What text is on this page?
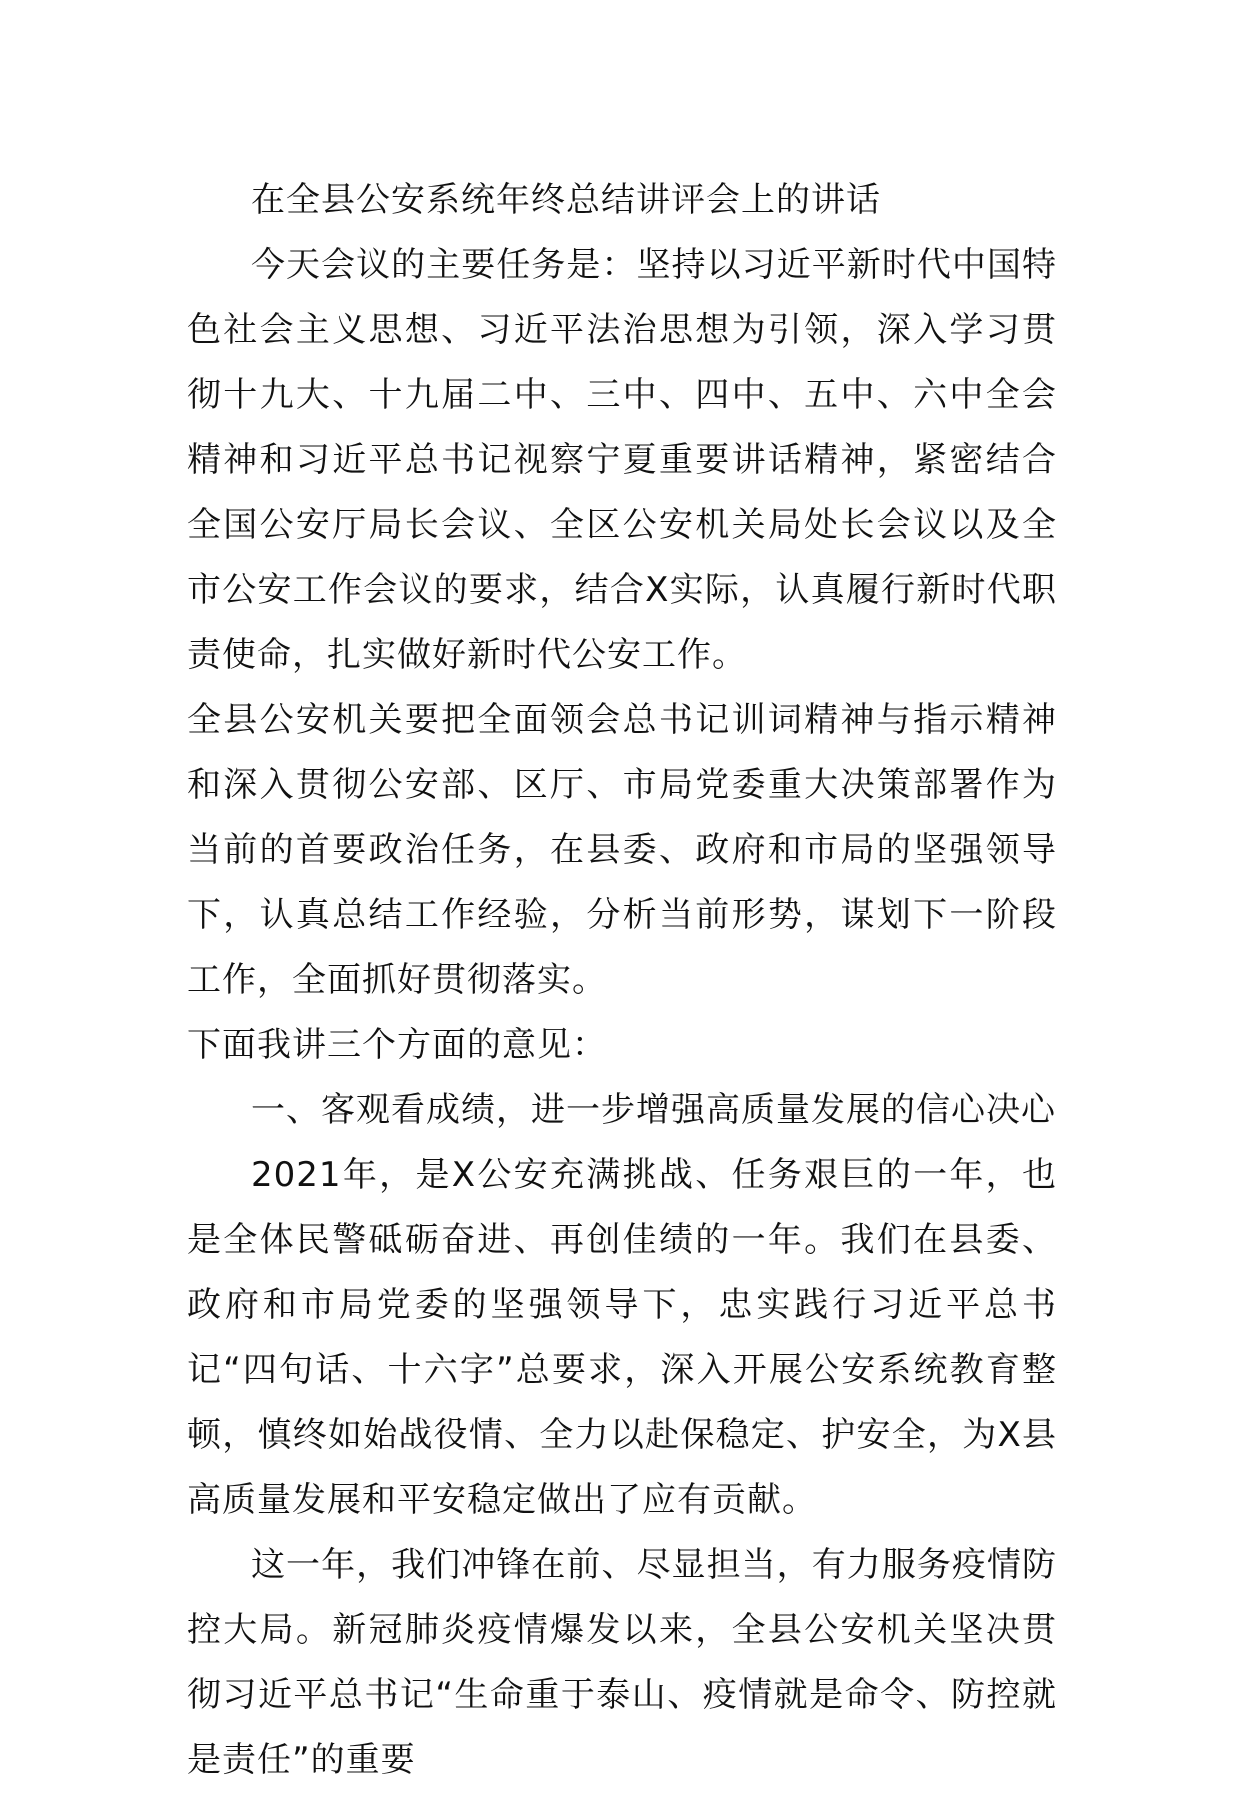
在全县公安系统年终总结讲评会上的讲话

今天会议的主要任务是：坚持以习近平新时代中国特色社会主义思想、习近平法治思想为引领，深入学习贯彻十九大、十九届二中、三中、四中、五中、六中全会精神和习近平总书记视察宁夏重要讲话精神，紧密结合全国公安厅局长会议、全区公安机关局处长会议以及全市公安工作会议的要求，结合X实际，认真履行新时代职责使命，扎实做好新时代公安工作。

全县公安机关要把全面领会总书记训词精神与指示精神和深入贯彻公安部、区厅、市局党委重大决策部署作为当前的首要政治任务，在县委、政府和市局的坚强领导下，认真总结工作经验，分析当前形势，谋划下一阶段工作，全面抓好贯彻落实。

下面我讲三个方面的意见：

一、客观看成绩，进一步增强高质量发展的信心决心

2021年，是X公安充满挑战、任务艰巨的一年，也是全体民警砥砺奋进、再创佳绩的一年。我们在县委、政府和市局党委的坚强领导下，忠实践行习近平总书记“四句话、十六字”总要求，深入开展公安系统教育整顿，慎终如始战役情、全力以赴保稳定、护安全，为X县高质量发展和平安稳定做出了应有贡献。

这一年，我们冲锋在前、尽显担当，有力服务疫情防控大局。新冠肺炎疫情爆发以来，全县公安机关坚决贯彻习近平总书记“生命重于泰山、疫情就是命令、防控就是责任”的重要
